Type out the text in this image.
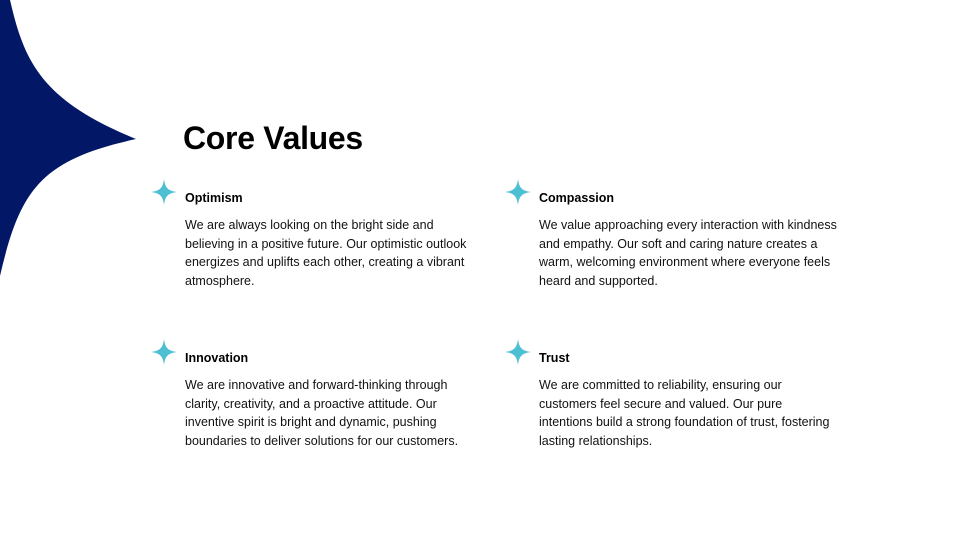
Core Values
Optimism

We are always looking on the bright side and believing in a positive future. Our optimistic outlook energizes and uplifts each other, creating a vibrant atmosphere.

Compassion

We value approaching every interaction with kindness and empathy. Our soft and caring nature creates a warm, welcoming environment where everyone feels heard and supported.

Innovation

We are innovative and forward-thinking through clarity, creativity, and a proactive attitude. Our inventive spirit is bright and dynamic, pushing boundaries to deliver solutions for our customers.

Trust

We are committed to reliability, ensuring our customers feel secure and valued. Our pure intentions build a strong foundation of trust, fostering lasting relationships.
